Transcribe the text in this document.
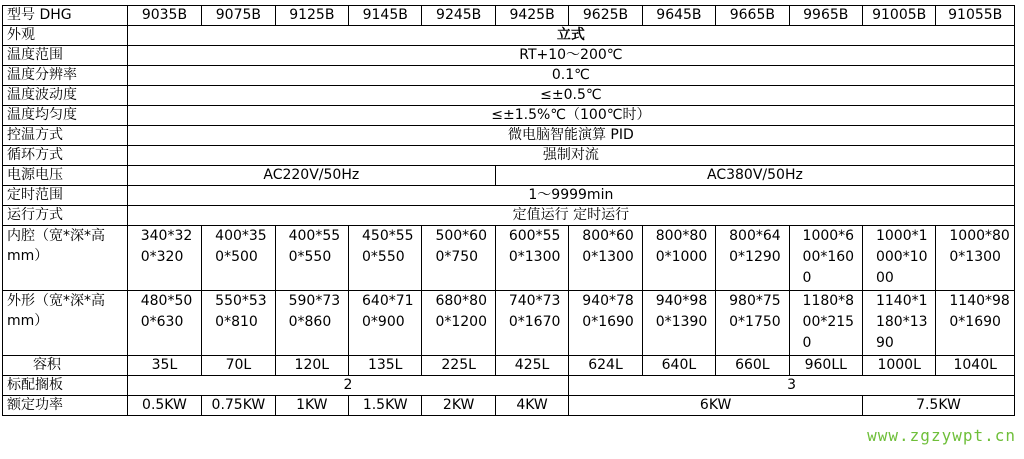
型号 DHG	9035B	9075B	9125B	9145B	9245B	9425B	9625B	9645B	9665B	9965B	91005B	91055B
外观	立式											
温度范围	RT+10～200℃											
温度分辨率	0.1℃											
温度波动度	≤±0.5℃											
温度均匀度	≤±1.5%℃（100℃时）											
控温方式	微电脑智能演算 PID											
循环方式	强制对流											
电源电压	AC220V/50Hz					AC380V/50Hz						
定时范围	1～9999min											
运行方式	定值运行 定时运行											
内腔（宽*深*高 mm）	340*320*320	400*350*500	400*550*550	450*550*550	500*600*750	600*550*1300	800*600*1300	800*800*1000	800*640*1290	1000*600*1600	1000*1000*1000	1000*800*1300
外形（宽*深*高 mm）	480*500*630	550*530*810	590*730*860	640*710*900	680*800*1200	740*730*1670	940*780*1690	940*980*1390	980*750*1750	1180*800*2150	1140*1180*1390	1140*980*1690
容积	35L	70L	120L	135L	225L	425L	624L	640L	660L	960LL	1000L	1040L
标配搁板	2						3					
额定功率	0.5KW	0.75KW	1KW	1.5KW	2KW	4KW	6KW				7.5KW	
www.zgzywpt.cn
